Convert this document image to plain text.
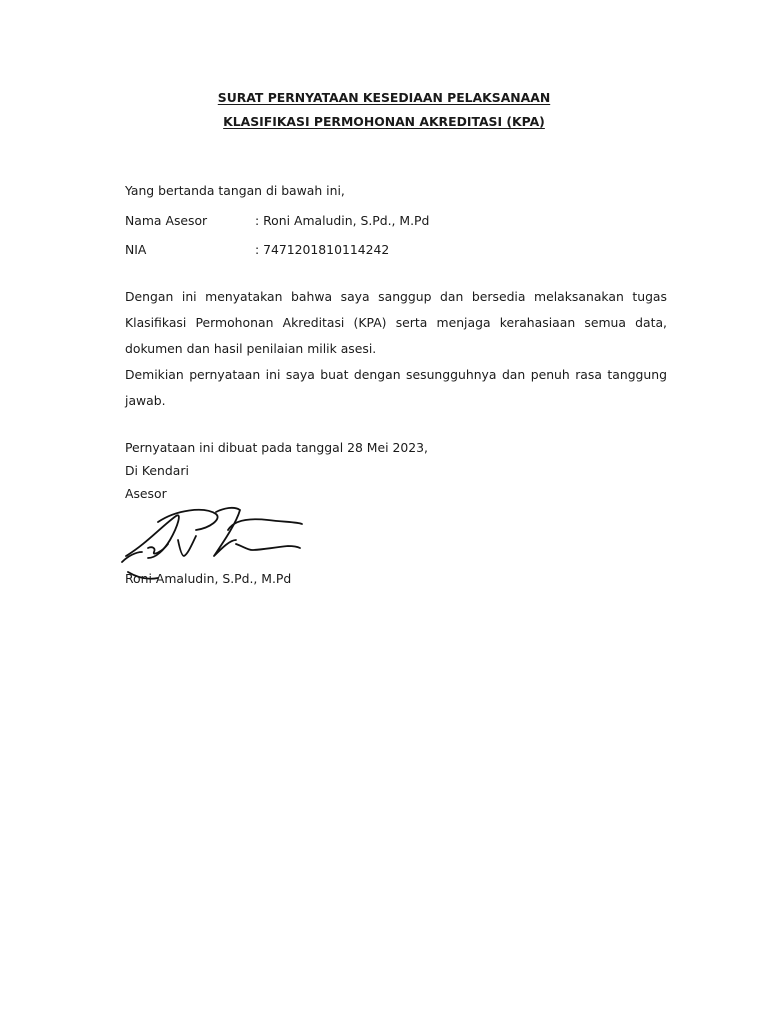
SURAT PERNYATAAN KESEDIAAN PELAKSANAAN
KLASIFIKASI PERMOHONAN AKREDITASI (KPA)
Yang bertanda tangan di bawah ini,
Nama Asesor	: Roni Amaludin, S.Pd., M.Pd
NIA	: 7471201810114242
Dengan ini menyatakan bahwa saya sanggup dan bersedia melaksanakan tugas
Klasifikasi Permohonan Akreditasi (KPA) serta menjaga kerahasiaan semua data,
dokumen dan hasil penilaian milik asesi.
Demikian pernyataan ini saya buat dengan sesungguhnya dan penuh rasa tanggung
jawab.
Pernyataan ini dibuat pada tanggal 28 Mei 2023,
Di Kendari
Asesor
Roni Amaludin, S.Pd., M.Pd
